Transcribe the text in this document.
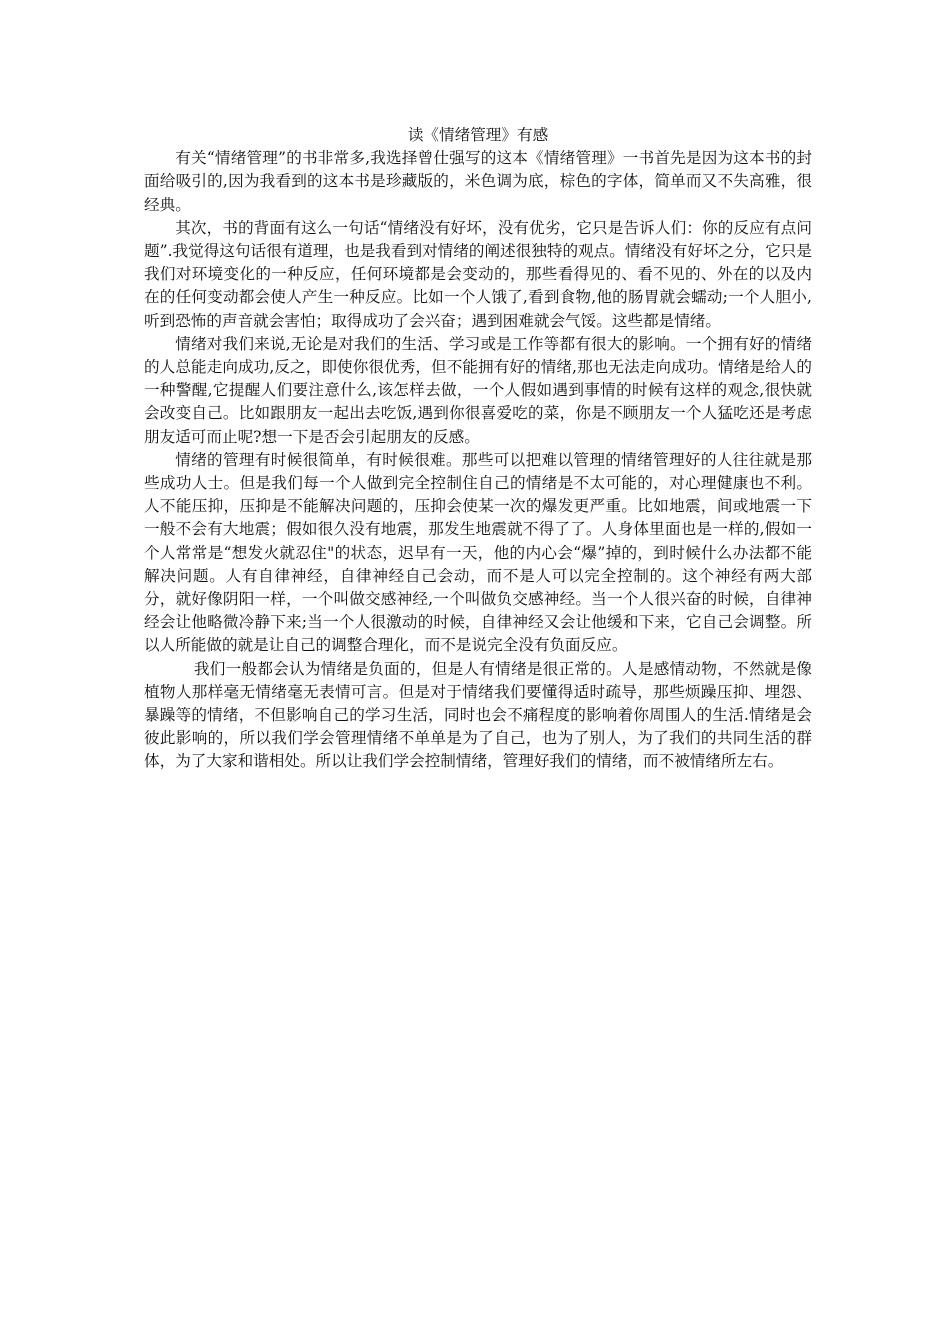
读《情绪管理》有感

有关“情绪管理”的书非常多,我选择曾仕强写的这本《情绪管理》一书首先是因为这本书的封面给吸引的,因为我看到的这本书是珍藏版的，米色调为底，棕色的字体，简单而又不失高雅，很经典。

其次，书的背面有这么一句话“情绪没有好坏，没有优劣，它只是告诉人们：你的反应有点问题”.我觉得这句话很有道理，也是我看到对情绪的阐述很独特的观点。情绪没有好坏之分，它只是我们对环境变化的一种反应，任何环境都是会变动的，那些看得见的、看不见的、外在的以及内在的任何变动都会使人产生一种反应。比如一个人饿了,看到食物,他的肠胃就会蠕动;一个人胆小,听到恐怖的声音就会害怕；取得成功了会兴奋；遇到困难就会气馁。这些都是情绪。

情绪对我们来说,无论是对我们的生活、学习或是工作等都有很大的影响。一个拥有好的情绪的人总能走向成功,反之，即使你很优秀，但不能拥有好的情绪,那也无法走向成功。情绪是给人的一种警醒,它提醒人们要注意什么,该怎样去做，一个人假如遇到事情的时候有这样的观念,很快就会改变自己。比如跟朋友一起出去吃饭,遇到你很喜爱吃的菜，你是不顾朋友一个人猛吃还是考虑朋友适可而止呢?想一下是否会引起朋友的反感。

情绪的管理有时候很简单，有时候很难。那些可以把难以管理的情绪管理好的人往往就是那些成功人士。但是我们每一个人做到完全控制住自己的情绪是不太可能的，对心理健康也不利。人不能压抑，压抑是不能解决问题的，压抑会使某一次的爆发更严重。比如地震，间或地震一下一般不会有大地震；假如很久没有地震，那发生地震就不得了了。人身体里面也是一样的,假如一个人常常是“想发火就忍住"的状态，迟早有一天，他的内心会“爆”掉的，到时候什么办法都不能解决问题。人有自律神经，自律神经自己会动，而不是人可以完全控制的。这个神经有两大部分，就好像阴阳一样，一个叫做交感神经,一个叫做负交感神经。当一个人很兴奋的时候，自律神经会让他略微冷静下来;当一个人很激动的时候，自律神经又会让他缓和下来，它自己会调整。所以人所能做的就是让自己的调整合理化，而不是说完全没有负面反应。

我们一般都会认为情绪是负面的，但是人有情绪是很正常的。人是感情动物，不然就是像植物人那样毫无情绪毫无表情可言。但是对于情绪我们要懂得适时疏导，那些烦躁压抑、埋怨、暴躁等的情绪，不但影响自己的学习生活，同时也会不痛程度的影响着你周围人的生活.情绪是会彼此影响的，所以我们学会管理情绪不单单是为了自己，也为了别人，为了我们的共同生活的群体，为了大家和谐相处。所以让我们学会控制情绪，管理好我们的情绪，而不被情绪所左右。
